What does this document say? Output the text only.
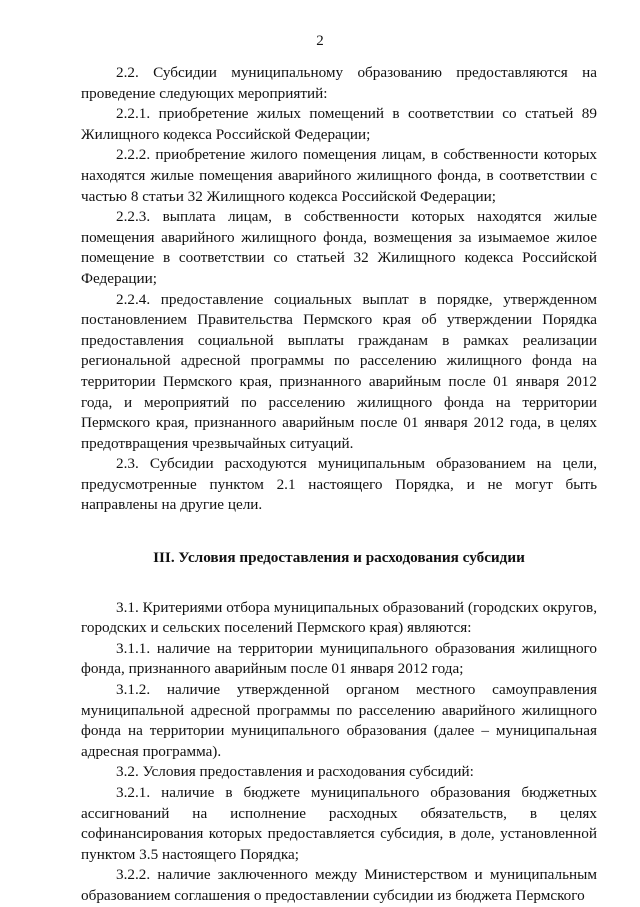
2

2.2. Субсидии муниципальному образованию предоставляются на проведение следующих мероприятий:

2.2.1. приобретение жилых помещений в соответствии со статьей 89 Жилищного кодекса Российской Федерации;

2.2.2. приобретение жилого помещения лицам, в собственности которых находятся жилые помещения аварийного жилищного фонда, в соответствии с частью 8 статьи 32 Жилищного кодекса Российской Федерации;

2.2.3. выплата лицам, в собственности которых находятся жилые помещения аварийного жилищного фонда, возмещения за изымаемое жилое помещение в соответствии со статьей 32 Жилищного кодекса Российской Федерации;

2.2.4. предоставление социальных выплат в порядке, утвержденном постановлением Правительства Пермского края об утверждении Порядка предоставления социальной выплаты гражданам в рамках реализации региональной адресной программы по расселению жилищного фонда на территории Пермского края, признанного аварийным после 01 января 2012 года, и мероприятий по расселению жилищного фонда на территории Пермского края, признанного аварийным после 01 января 2012 года, в целях предотвращения чрезвычайных ситуаций.

2.3. Субсидии расходуются муниципальным образованием на цели, предусмотренные пунктом 2.1 настоящего Порядка, и не могут быть направлены на другие цели.

III. Условия предоставления и расходования субсидии

3.1. Критериями отбора муниципальных образований (городских округов, городских и сельских поселений Пермского края) являются:

3.1.1. наличие на территории муниципального образования жилищного фонда, признанного аварийным после 01 января 2012 года;

3.1.2. наличие утвержденной органом местного самоуправления муниципальной адресной программы по расселению аварийного жилищного фонда на территории муниципального образования (далее – муниципальная адресная программа).

3.2. Условия предоставления и расходования субсидий:

3.2.1. наличие в бюджете муниципального образования бюджетных ассигнований на исполнение расходных обязательств, в целях софинансирования которых предоставляется субсидия, в доле, установленной пунктом 3.5 настоящего Порядка;

3.2.2. наличие заключенного между Министерством и муниципальным образованием соглашения о предоставлении субсидии из бюджета Пермского
